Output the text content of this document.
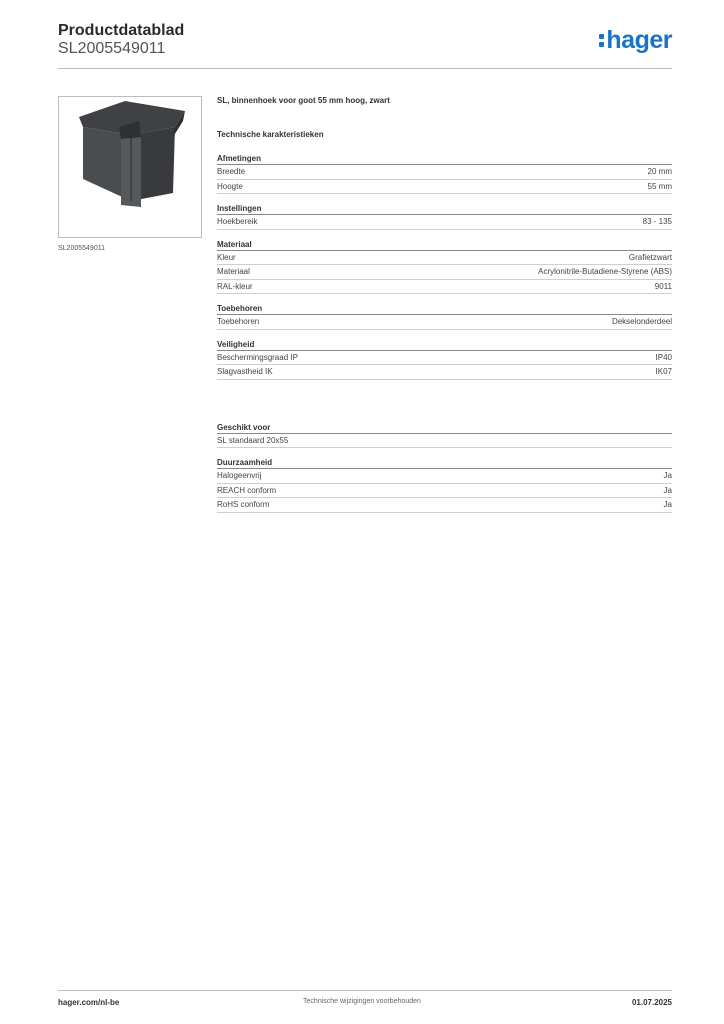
Productdatablad
SL2005549011	hager
SL2005549011
SL, binnenhoek voor goot 55 mm hoog, zwart
Technische karakteristieken
Afmetingen
Breedte	20 mm
Hoogte	55 mm
Instellingen
Hoekbereik	83 - 135
Materiaal
Kleur	Grafietzwart
Materiaal	Acrylonitrile-Butadiene-Styrene (ABS)
RAL-kleur	9011
Toebehoren
Toebehoren	Dekselonderdeel
Veiligheid
Beschermingsgraad IP	IP40
Slagvastheid IK	IK07
Geschikt voor
SL standaard 20x55
Duurzaamheid
Halogeenvrij	Ja
REACH conform	Ja
RoHS conform	Ja
hager.com/nl-be	Technische wijzigingen voorbehouden	01.07.2025
